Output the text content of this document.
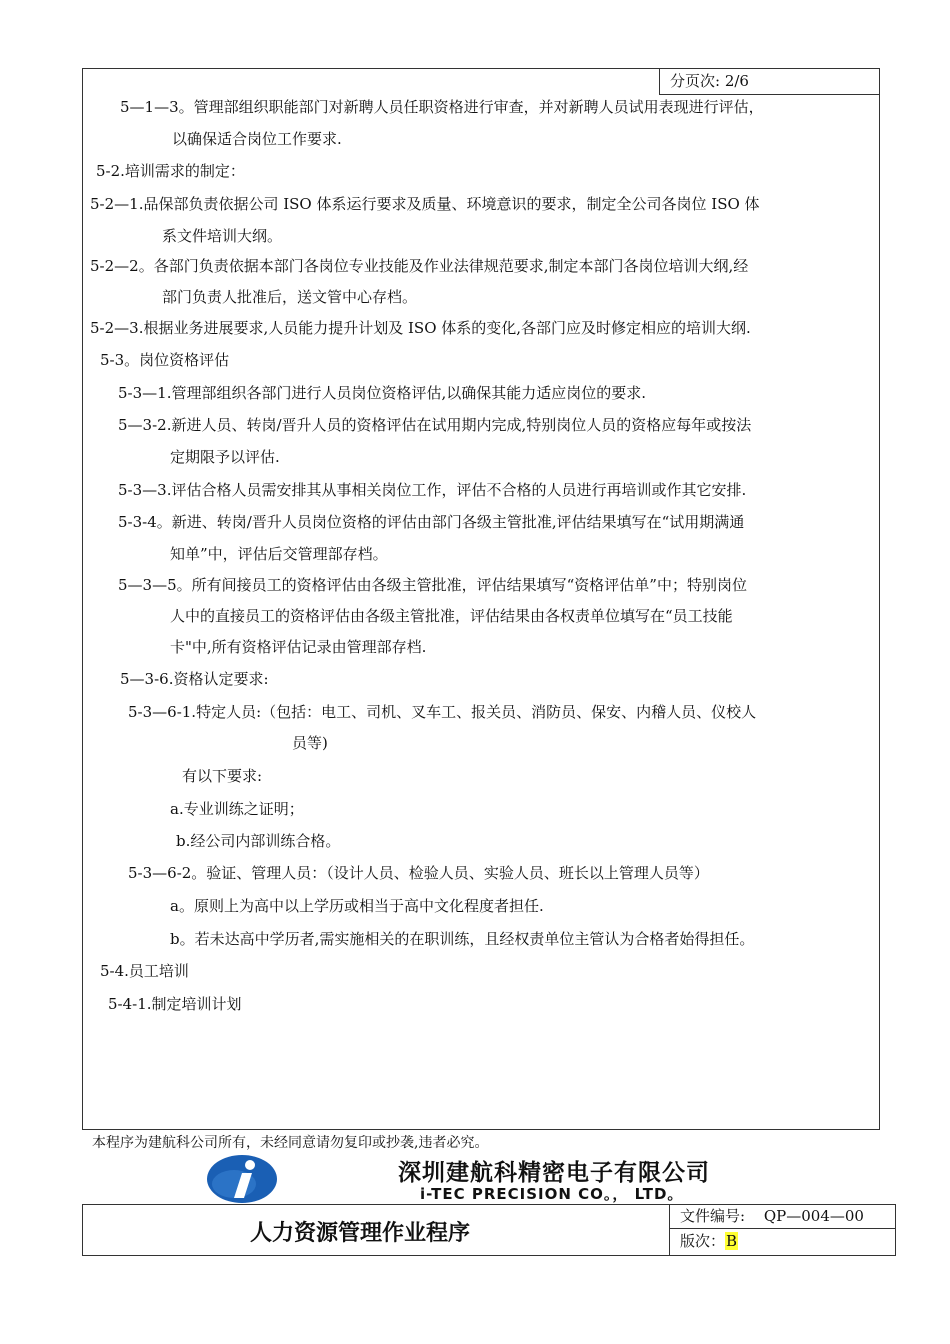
分页次: 2/6
5—1—3。管理部组织职能部门对新聘人员任职资格进行审查，并对新聘人员试用表现进行评估，
以确保适合岗位工作要求.
5-2.培训需求的制定：
5-2—1.品保部负责依据公司 ISO 体系运行要求及质量、环境意识的要求，制定全公司各岗位 ISO 体
系文件培训大纲。
5-2—2。各部门负责依据本部门各岗位专业技能及作业法律规范要求,制定本部门各岗位培训大纲,经
部门负责人批准后，送文管中心存档。
5-2—3.根据业务进展要求,人员能力提升计划及 ISO 体系的变化,各部门应及时修定相应的培训大纲.
5-3。岗位资格评估
5-3—1.管理部组织各部门进行人员岗位资格评估,以确保其能力适应岗位的要求.
5—3-2.新进人员、转岗/晋升人员的资格评估在试用期内完成,特别岗位人员的资格应每年或按法
定期限予以评估.
5-3—3.评估合格人员需安排其从事相关岗位工作，评估不合格的人员进行再培训或作其它安排.
5-3-4。新进、转岗/晋升人员岗位资格的评估由部门各级主管批准,评估结果填写在“试用期满通
知单”中，评估后交管理部存档。
5—3—5。所有间接员工的资格评估由各级主管批准，评估结果填写“资格评估单”中；特别岗位
人中的直接员工的资格评估由各级主管批准，评估结果由各权责单位填写在“员工技能
卡"中,所有资格评估记录由管理部存档.
5—3-6.资格认定要求:
5-3—6-1.特定人员:（包括：电工、司机、叉车工、报关员、消防员、保安、内稽人员、仪校人
员等)
有以下要求:
a.专业训练之证明；
b.经公司内部训练合格。
5-3—6-2。验证、管理人员：（设计人员、检验人员、实验人员、班长以上管理人员等）
a。原则上为高中以上学历或相当于高中文化程度者担任.
b。若未达高中学历者,需实施相关的在职训练，且经权责单位主管认为合格者始得担任。
5-4.员工培训
5-4-1.制定培训计划
本程序为建航科公司所有，未经同意请勿复印或抄袭,违者必究。
深圳建航科精密电子有限公司
i-TEC PRECISION CO。， LTD。
人力资源管理作业程序
文件编号: QP—004—00
版次：B
